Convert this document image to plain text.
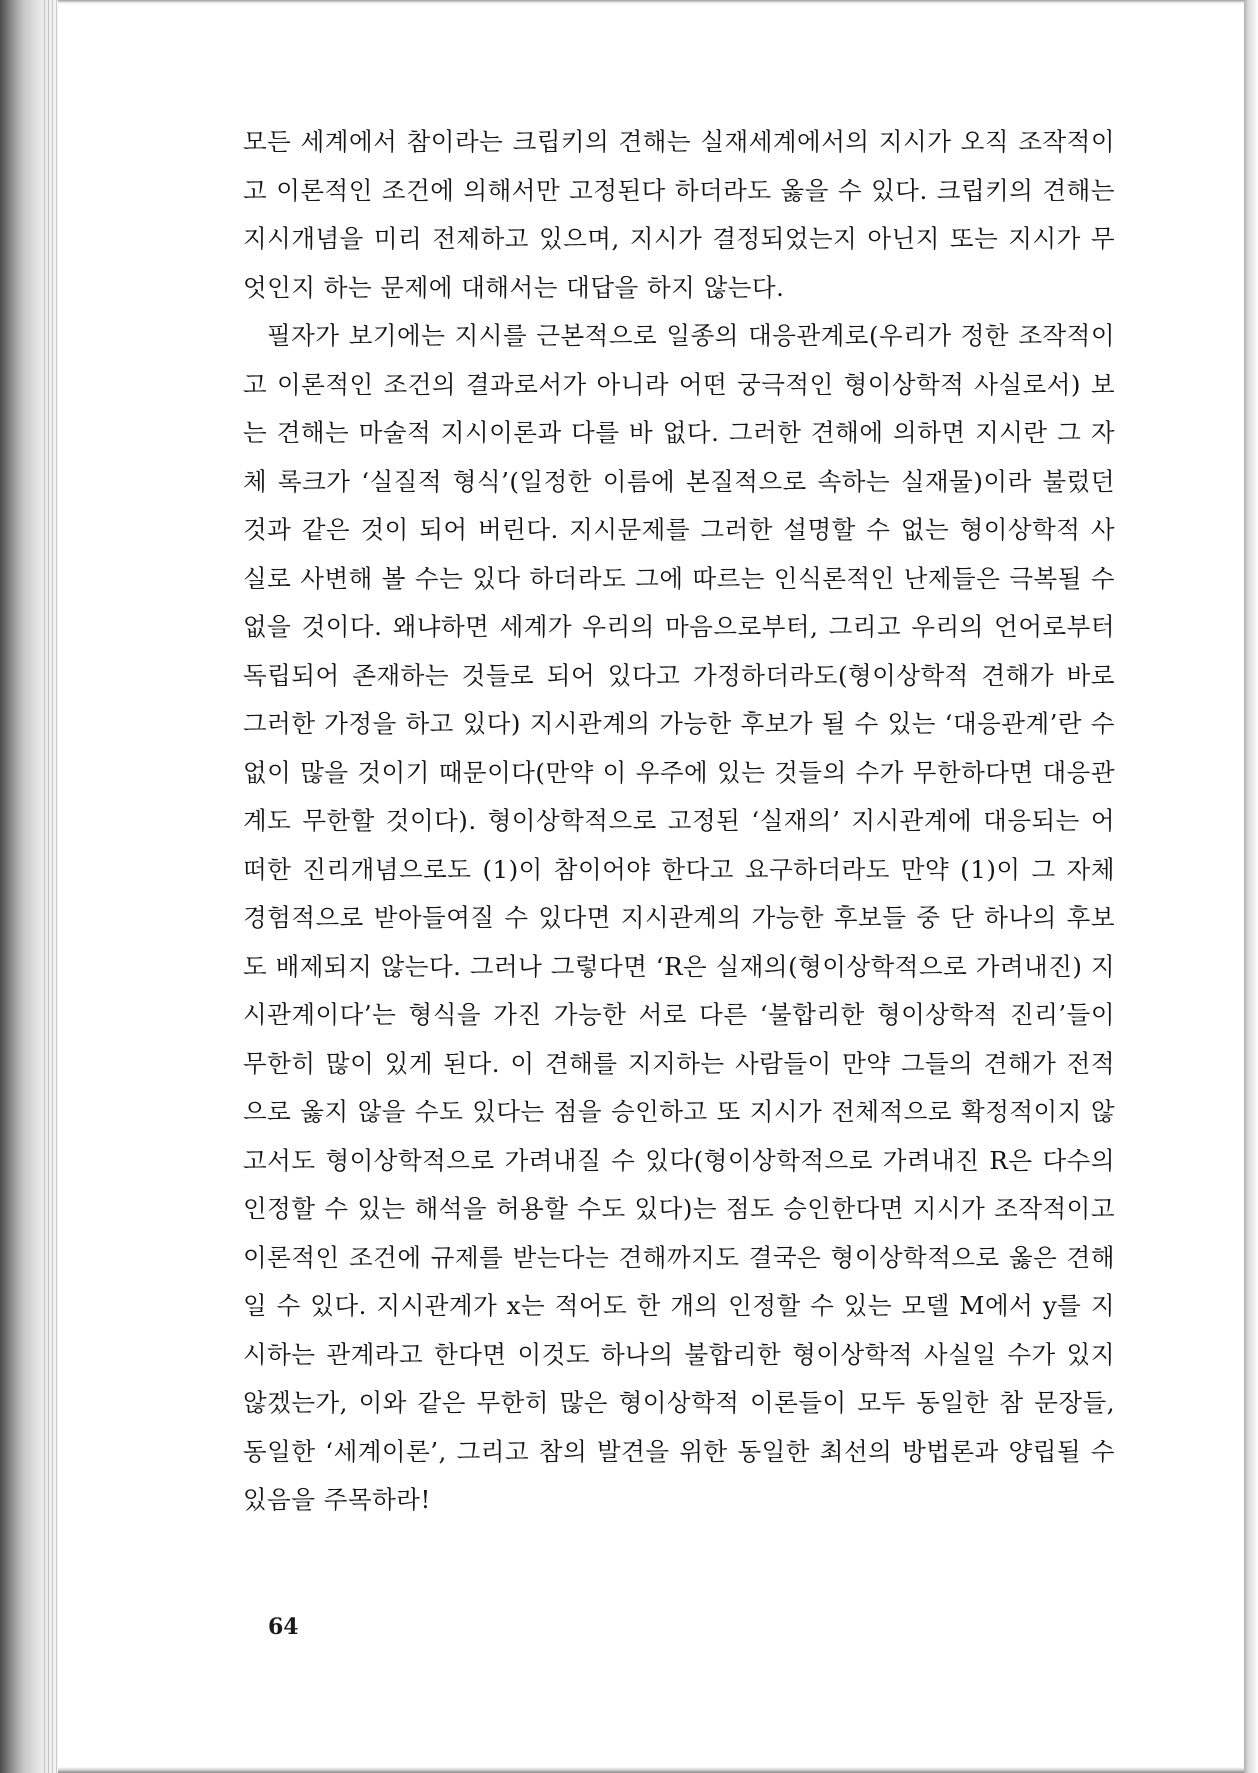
모든 세계에서 참이라는 크립키의 견해는 실재세계에서의 지시가 오직 조작적이고 이론적인 조건에 의해서만 고정된다 하더라도 옳을 수 있다. 크립키의 견해는 지시개념을 미리 전제하고 있으며, 지시가 결정되었는지 아닌지 또는 지시가 무엇인지 하는 문제에 대해서는 대답을 하지 않는다.

필자가 보기에는 지시를 근본적으로 일종의 대응관계로(우리가 정한 조작적이고 이론적인 조건의 결과로서가 아니라 어떤 궁극적인 형이상학적 사실로서) 보는 견해는 마술적 지시이론과 다를 바 없다. 그러한 견해에 의하면 지시란 그 자체 록크가 ‘실질적 형식’(일정한 이름에 본질적으로 속하는 실재물)이라 불렀던 것과 같은 것이 되어 버린다. 지시문제를 그러한 설명할 수 없는 형이상학적 사실로 사변해 볼 수는 있다 하더라도 그에 따르는 인식론적인 난제들은 극복될 수 없을 것이다. 왜냐하면 세계가 우리의 마음으로부터, 그리고 우리의 언어로부터 독립되어 존재하는 것들로 되어 있다고 가정하더라도(형이상학적 견해가 바로 그러한 가정을 하고 있다) 지시관계의 가능한 후보가 될 수 있는 ‘대응관계’란 수없이 많을 것이기 때문이다(만약 이 우주에 있는 것들의 수가 무한하다면 대응관계도 무한할 것이다). 형이상학적으로 고정된 ‘실재의’ 지시관계에 대응되는 어떠한 진리개념으로도 (1)이 참이어야 한다고 요구하더라도 만약 (1)이 그 자체 경험적으로 받아들여질 수 있다면 지시관계의 가능한 후보들 중 단 하나의 후보도 배제되지 않는다. 그러나 그렇다면 ‘R은 실재의(형이상학적으로 가려내진) 지시관계이다’는 형식을 가진 가능한 서로 다른 ‘불합리한 형이상학적 진리’들이 무한히 많이 있게 된다. 이 견해를 지지하는 사람들이 만약 그들의 견해가 전적으로 옳지 않을 수도 있다는 점을 승인하고 또 지시가 전체적으로 확정적이지 않고서도 형이상학적으로 가려내질 수 있다(형이상학적으로 가려내진 R은 다수의 인정할 수 있는 해석을 허용할 수도 있다)는 점도 승인한다면 지시가 조작적이고 이론적인 조건에 규제를 받는다는 견해까지도 결국은 형이상학적으로 옳은 견해일 수 있다. 지시관계가 x는 적어도 한 개의 인정할 수 있는 모델 M에서 y를 지시하는 관계라고 한다면 이것도 하나의 불합리한 형이상학적 사실일 수가 있지 않겠는가, 이와 같은 무한히 많은 형이상학적 이론들이 모두 동일한 참 문장들, 동일한 ‘세계이론’, 그리고 참의 발견을 위한 동일한 최선의 방법론과 양립될 수 있음을 주목하라!

64
